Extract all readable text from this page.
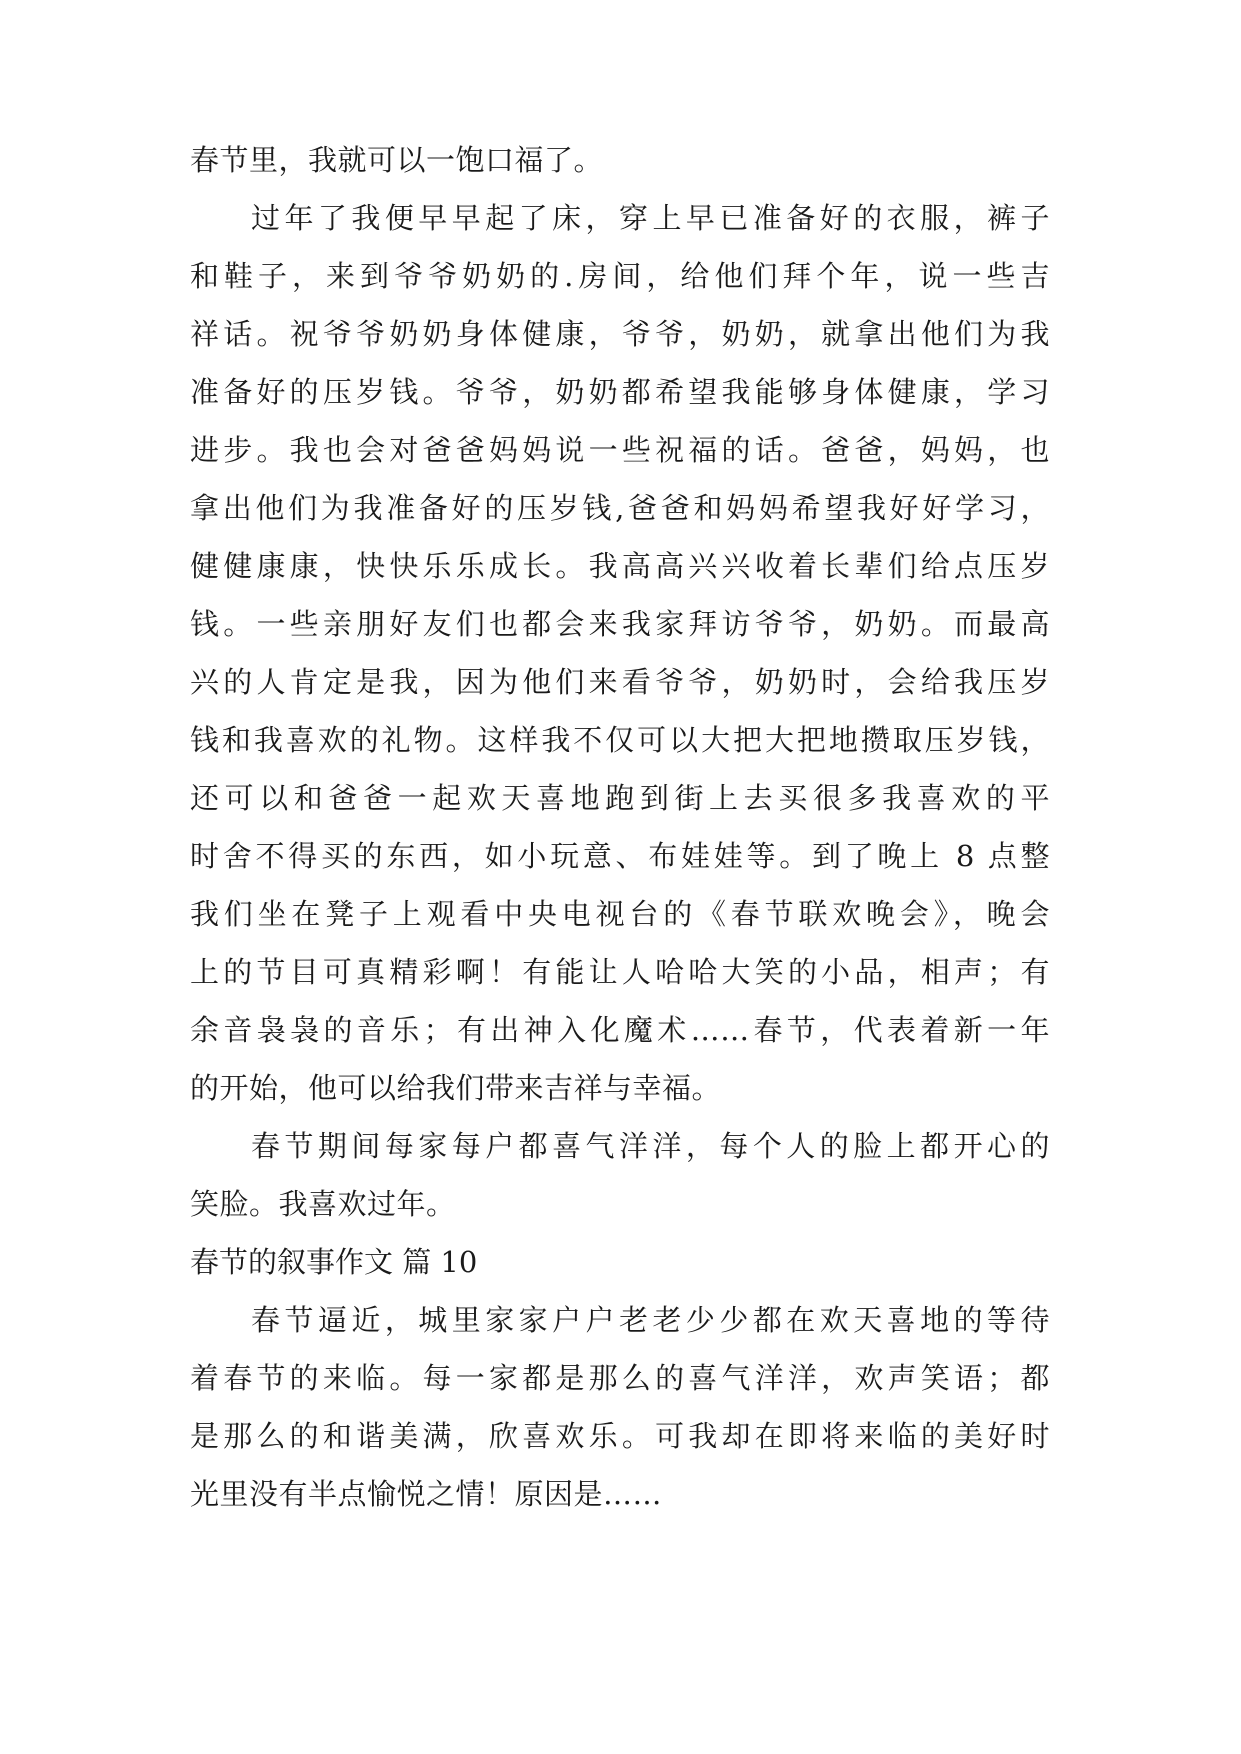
春节里，我就可以一饱口福了。
过年了我便早早起了床，穿上早已准备好的衣服，裤子
和鞋子，来到爷爷奶奶的.房间，给他们拜个年，说一些吉
祥话。祝爷爷奶奶身体健康，爷爷，奶奶，就拿出他们为我
准备好的压岁钱。爷爷，奶奶都希望我能够身体健康，学习
进步。我也会对爸爸妈妈说一些祝福的话。爸爸，妈妈，也
拿出他们为我准备好的压岁钱,爸爸和妈妈希望我好好学习，
健健康康，快快乐乐成长。我高高兴兴收着长辈们给点压岁
钱。一些亲朋好友们也都会来我家拜访爷爷，奶奶。而最高
兴的人肯定是我，因为他们来看爷爷，奶奶时，会给我压岁
钱和我喜欢的礼物。这样我不仅可以大把大把地攒取压岁钱，
还可以和爸爸一起欢天喜地跑到街上去买很多我喜欢的平
时舍不得买的东西，如小玩意、布娃娃等。到了晚上 8 点整
我们坐在凳子上观看中央电视台的《春节联欢晚会》，晚会
上的节目可真精彩啊！有能让人哈哈大笑的小品，相声；有
余音袅袅的音乐；有出神入化魔术……春节，代表着新一年
的开始，他可以给我们带来吉祥与幸福。
春节期间每家每户都喜气洋洋，每个人的脸上都开心的
笑脸。我喜欢过年。
春节的叙事作文 篇 10
春节逼近，城里家家户户老老少少都在欢天喜地的等待
着春节的来临。每一家都是那么的喜气洋洋，欢声笑语；都
是那么的和谐美满，欣喜欢乐。可我却在即将来临的美好时
光里没有半点愉悦之情！原因是……
